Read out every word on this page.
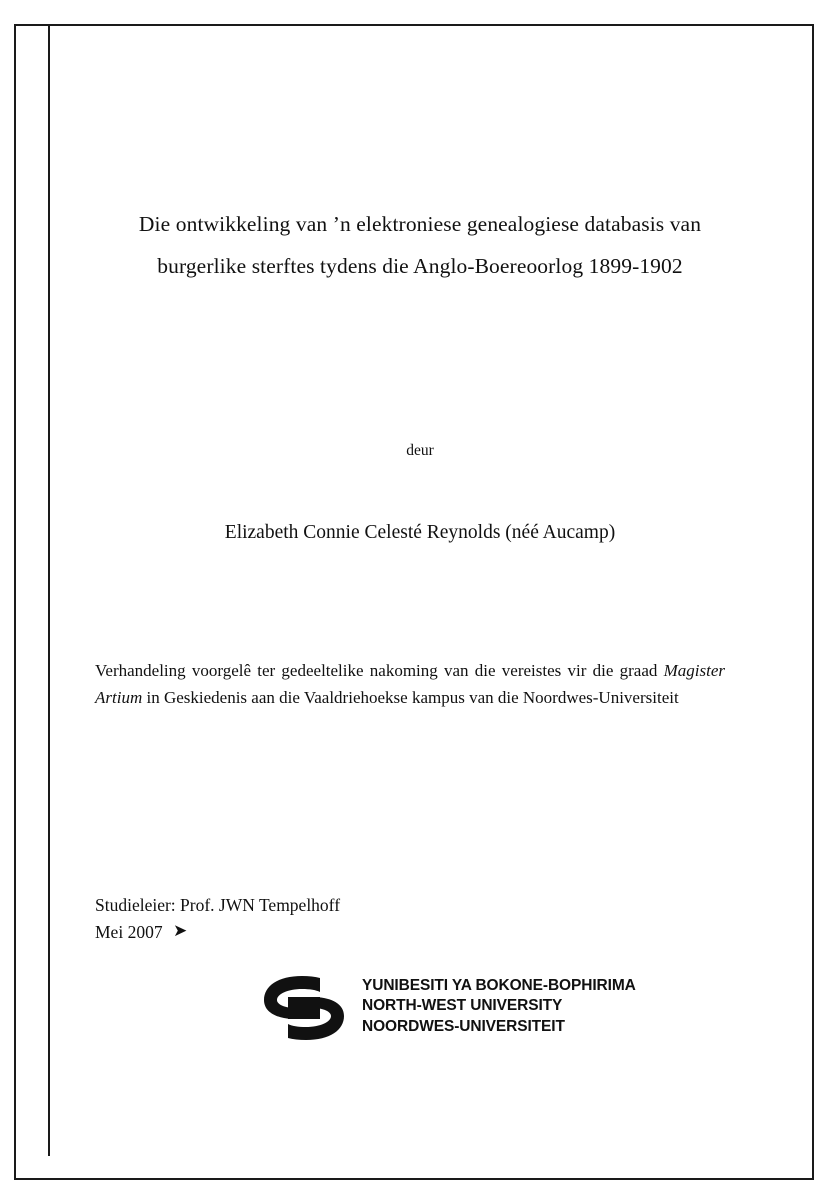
Die ontwikkeling van ’n elektroniese genealogiese databasis van
burgerlike sterftes tydens die Anglo-Boereoorlog 1899-1902
deur
Elizabeth Connie Celesté Reynolds (néé Aucamp)
Verhandeling voorgelê ter gedeeltelike nakoming van die vereistes vir die graad Magister Artium in Geskiedenis aan die Vaaldriehoekse kampus van die Noordwes-Universiteit
Studieleier: Prof. JWN Tempelhoff
Mei 2007 ➤
YUNIBESITI YA BOKONE-BOPHIRIMA
NORTH-WEST UNIVERSITY
NOORDWES-UNIVERSITEIT
